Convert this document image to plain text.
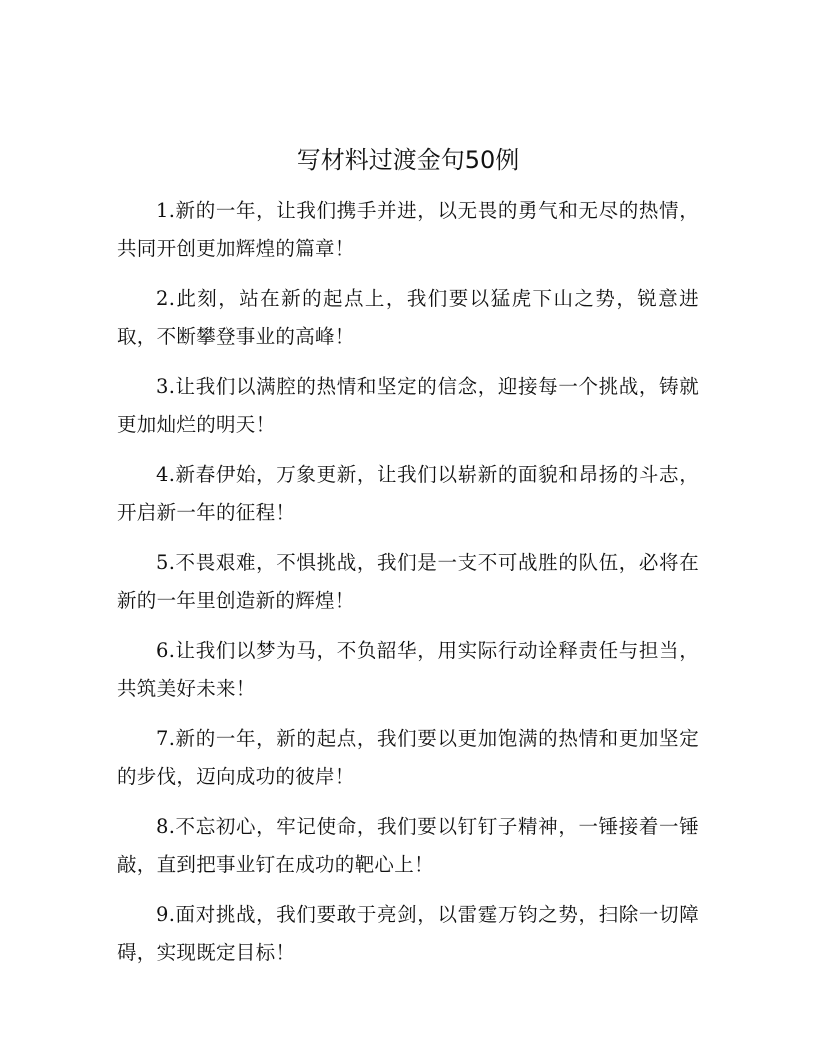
写材料过渡金句50例

1.新的一年，让我们携手并进，以无畏的勇气和无尽的热情，共同开创更加辉煌的篇章！

2.此刻，站在新的起点上，我们要以猛虎下山之势，锐意进取，不断攀登事业的高峰！

3.让我们以满腔的热情和坚定的信念，迎接每一个挑战，铸就更加灿烂的明天！

4.新春伊始，万象更新，让我们以崭新的面貌和昂扬的斗志，开启新一年的征程！

5.不畏艰难，不惧挑战，我们是一支不可战胜的队伍，必将在新的一年里创造新的辉煌！

6.让我们以梦为马，不负韶华，用实际行动诠释责任与担当，共筑美好未来！

7.新的一年，新的起点，我们要以更加饱满的热情和更加坚定的步伐，迈向成功的彼岸！

8.不忘初心，牢记使命，我们要以钉钉子精神，一锤接着一锤敲，直到把事业钉在成功的靶心上！

9.面对挑战，我们要敢于亮剑，以雷霆万钧之势，扫除一切障碍，实现既定目标！
